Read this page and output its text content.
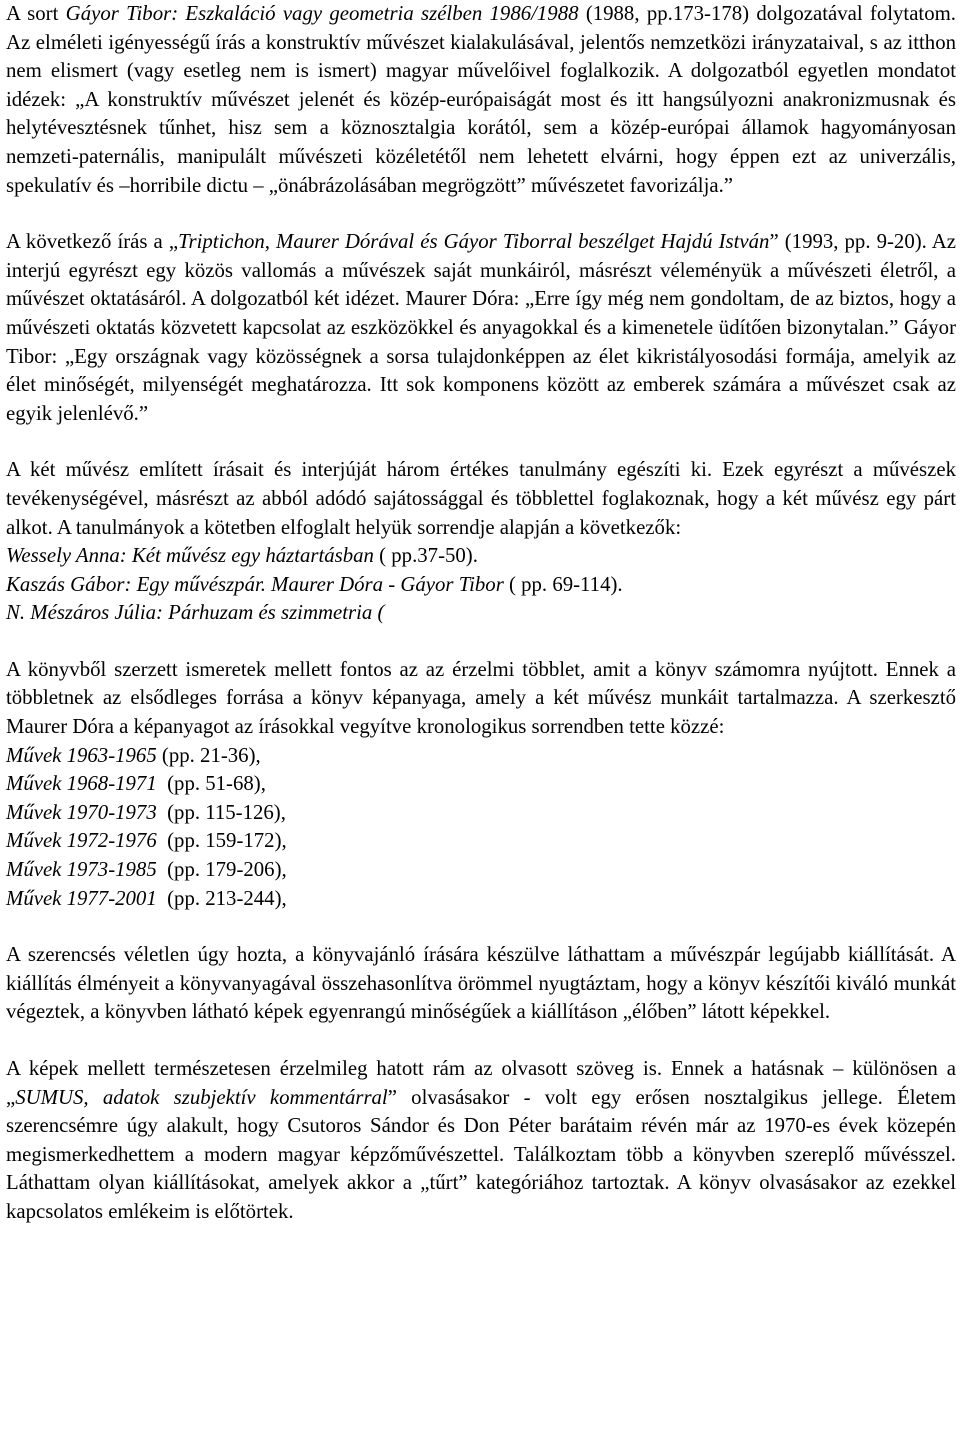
A sort Gáyor Tibor: Eszkaláció vagy geometria szélben 1986/1988 (1988, pp.173-178) dolgozatával folytatom. Az elméleti igényességű írás a konstruktív művészet kialakulásával, jelentős nemzetközi irányzataival, s az itthon nem elismert (vagy esetleg nem is ismert) magyar művelőivel foglalkozik. A dolgozatból egyetlen mondatot idézek: „A konstruktív művészet jelenét és közép-európaiságát most és itt hangsúlyozni anakronizmusnak és helytévesztésnek tűnhet, hisz sem a köznosztalgia korától, sem a közép-európai államok hagyományosan nemzeti-paternális, manipulált művészeti közéletétől nem lehetett elvárni, hogy éppen ezt az univerzális, spekulatív és –horribile dictu – „önábrázolásában megrögzött” művészetet favorizálja.”

A következő írás a „Triptichon, Maurer Dórával és Gáyor Tiborral beszélget Hajdú István” (1993, pp. 9-20). Az interjú egyrészt egy közös vallomás a művészek saját munkáiról, másrészt véleményük a művészeti életről, a művészet oktatásáról. A dolgozatból két idézet. Maurer Dóra: „Erre így még nem gondoltam, de az biztos, hogy a művészeti oktatás közvetett kapcsolat az eszközökkel és anyagokkal és a kimenetele üdítően bizonytalan.” Gáyor Tibor: „Egy országnak vagy közösségnek a sorsa tulajdonképpen az élet kikristályosodási formája, amelyik az élet minőségét, milyenségét meghatározza. Itt sok komponens között az emberek számára a művészet csak az egyik jelenlévő.”

A két művész említett írásait és interjúját három értékes tanulmány egészíti ki. Ezek egyrészt a művészek tevékenységével, másrészt az abból adódó sajátossággal és többlettel foglakoznak, hogy a két művész egy párt alkot. A tanulmányok a kötetben elfoglalt helyük sorrendje alapján a következők:

Wessely Anna: Két művész egy háztartásban ( pp.37-50).

Kaszás Gábor: Egy művészpár. Maurer Dóra - Gáyor Tibor ( pp. 69-114).

N. Mészáros Júlia: Párhuzam és szimmetria (

A könyvből szerzett ismeretek mellett fontos az az érzelmi többlet, amit a könyv számomra nyújtott. Ennek a többletnek az elsődleges forrása a könyv képanyaga, amely a két művész munkáit tartalmazza. A szerkesztő Maurer Dóra a képanyagot az írásokkal vegyítve kronologikus sorrendben tette közzé:

Művek 1963-1965 (pp. 21-36),

Művek 1968-1971  (pp. 51-68),

Művek 1970-1973  (pp. 115-126),

Művek 1972-1976  (pp. 159-172),

Művek 1973-1985  (pp. 179-206),

Művek 1977-2001  (pp. 213-244),

A szerencsés véletlen úgy hozta, a könyvajánló írására készülve láthattam a művészpár legújabb kiállítását. A kiállítás élményeit a könyvanyagával összehasonlítva örömmel nyugtáztam, hogy a könyv készítői kiváló munkát végeztek, a könyvben látható képek egyenrangú minőségűek a kiállításon „élőben” látott képekkel.

A képek mellett természetesen érzelmileg hatott rám az olvasott szöveg is. Ennek a hatásnak – különösen a „SUMUS, adatok szubjektív kommentárral” olvasásakor - volt egy erősen nosztalgikus jellege. Életem szerencsémre úgy alakult, hogy Csutoros Sándor és Don Péter barátaim révén már az 1970-es évek közepén megismerkedhettem a modern magyar képzőművészettel. Találkoztam több a könyvben szereplő művésszel. Láthattam olyan kiállításokat, amelyek akkor a „tűrt” kategóriához tartoztak. A könyv olvasásakor az ezekkel kapcsolatos emlékeim is előtörtek.
